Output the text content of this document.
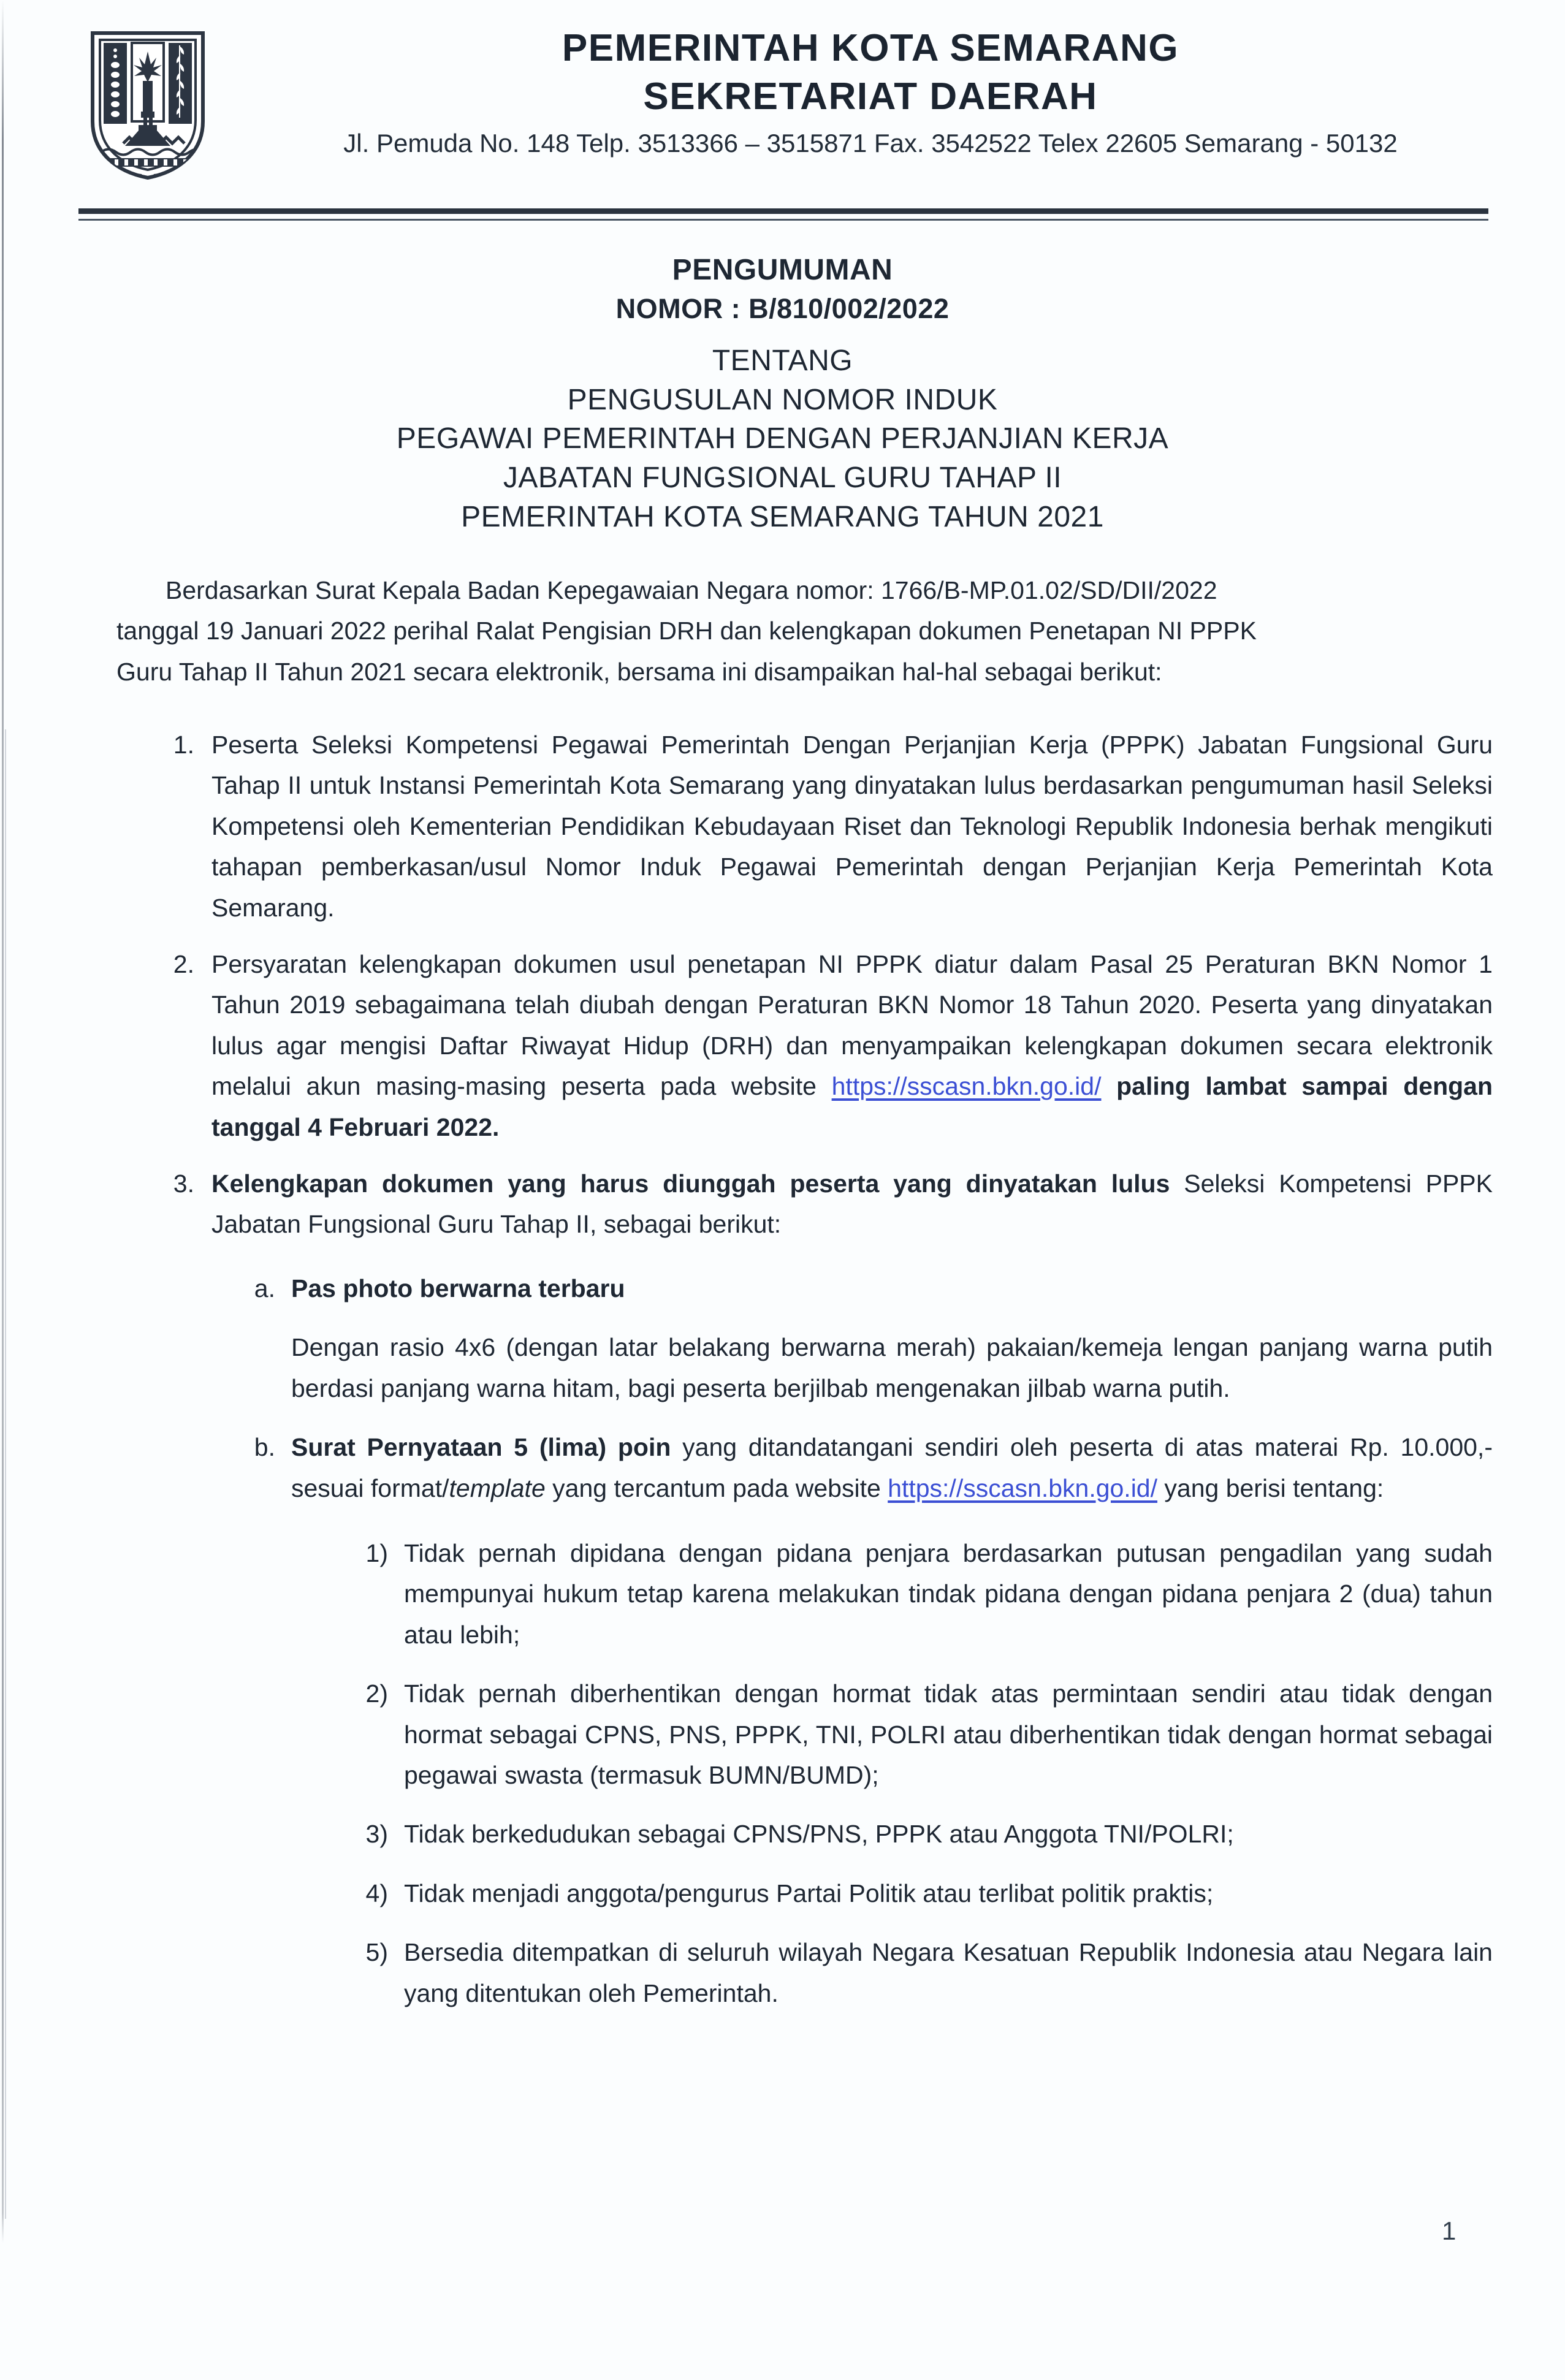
PEMERINTAH KOTA SEMARANG
SEKRETARIAT DAERAH
Jl. Pemuda No. 148 Telp. 3513366 – 3515871 Fax. 3542522 Telex 22605 Semarang - 50132
PENGUMUMAN
NOMOR : B/810/002/2022
TENTANG
PENGUSULAN NOMOR INDUK
PEGAWAI PEMERINTAH DENGAN PERJANJIAN KERJA
JABATAN FUNGSIONAL GURU TAHAP II
PEMERINTAH KOTA SEMARANG TAHUN 2021
Berdasarkan Surat Kepala Badan Kepegawaian Negara nomor: 1766/B-MP.01.02/SD/DII/2022
tanggal 19 Januari 2022 perihal Ralat Pengisian DRH dan kelengkapan dokumen Penetapan NI PPPK
Guru Tahap II Tahun 2021 secara elektronik, bersama ini disampaikan hal-hal sebagai berikut:
1. Peserta Seleksi Kompetensi Pegawai Pemerintah Dengan Perjanjian Kerja (PPPK) Jabatan Fungsional Guru Tahap II untuk Instansi Pemerintah Kota Semarang yang dinyatakan lulus berdasarkan pengumuman hasil Seleksi Kompetensi oleh Kementerian Pendidikan Kebudayaan Riset dan Teknologi Republik Indonesia berhak mengikuti tahapan pemberkasan/usul Nomor Induk Pegawai Pemerintah dengan Perjanjian Kerja Pemerintah Kota Semarang.
2. Persyaratan kelengkapan dokumen usul penetapan NI PPPK diatur dalam Pasal 25 Peraturan BKN Nomor 1 Tahun 2019 sebagaimana telah diubah dengan Peraturan BKN Nomor 18 Tahun 2020. Peserta yang dinyatakan lulus agar mengisi Daftar Riwayat Hidup (DRH) dan menyampaikan kelengkapan dokumen secara elektronik melalui akun masing-masing peserta pada website https://sscasn.bkn.go.id/ paling lambat sampai dengan tanggal 4 Februari 2022.
3. Kelengkapan dokumen yang harus diunggah peserta yang dinyatakan lulus Seleksi Kompetensi PPPK Jabatan Fungsional Guru Tahap II, sebagai berikut:
a. Pas photo berwarna terbaru
Dengan rasio 4x6 (dengan latar belakang berwarna merah) pakaian/kemeja lengan panjang warna putih berdasi panjang warna hitam, bagi peserta berjilbab mengenakan jilbab warna putih.
b. Surat Pernyataan 5 (lima) poin yang ditandatangani sendiri oleh peserta di atas materai Rp. 10.000,- sesuai format/template yang tercantum pada website https://sscasn.bkn.go.id/ yang berisi tentang:
1) Tidak pernah dipidana dengan pidana penjara berdasarkan putusan pengadilan yang sudah mempunyai hukum tetap karena melakukan tindak pidana dengan pidana penjara 2 (dua) tahun atau lebih;
2) Tidak pernah diberhentikan dengan hormat tidak atas permintaan sendiri atau tidak dengan hormat sebagai CPNS, PNS, PPPK, TNI, POLRI atau diberhentikan tidak dengan hormat sebagai pegawai swasta (termasuk BUMN/BUMD);
3) Tidak berkedudukan sebagai CPNS/PNS, PPPK atau Anggota TNI/POLRI;
4) Tidak menjadi anggota/pengurus Partai Politik atau terlibat politik praktis;
5) Bersedia ditempatkan di seluruh wilayah Negara Kesatuan Republik Indonesia atau Negara lain yang ditentukan oleh Pemerintah.
1
